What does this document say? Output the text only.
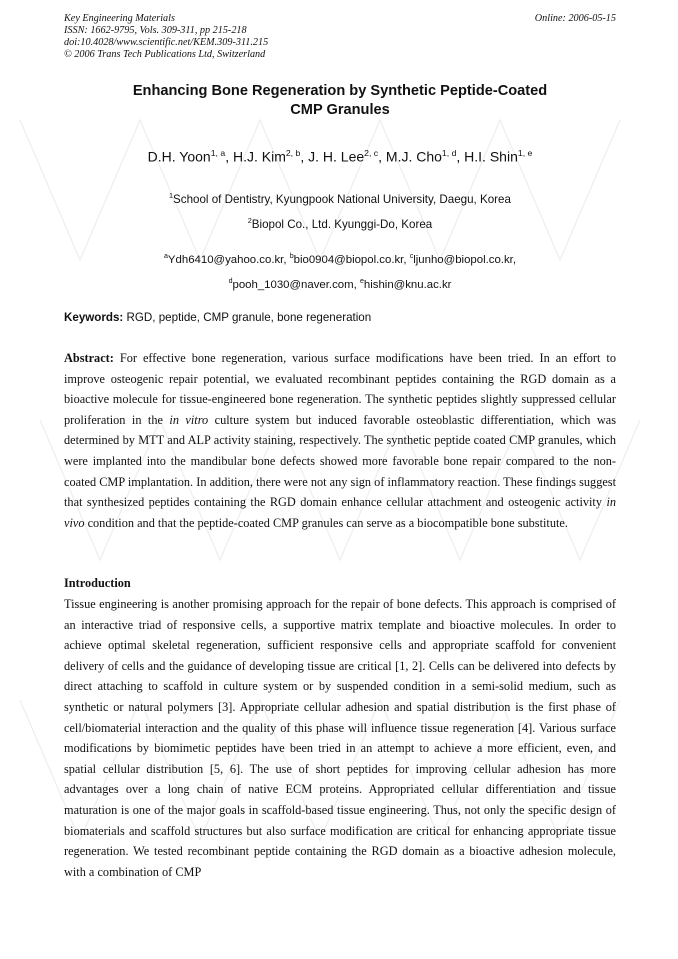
Key Engineering Materials
ISSN: 1662-9795, Vols. 309-311, pp 215-218
doi:10.4028/www.scientific.net/KEM.309-311.215
© 2006 Trans Tech Publications Ltd, Switzerland
Online: 2006-05-15
Enhancing Bone Regeneration by Synthetic Peptide-Coated
CMP Granules
D.H. Yoon$^{1, a}$, H.J. Kim$^{2, b}$, J. H. Lee$^{2, c}$, M.J. Cho$^{1, d}$, H.I. Shin$^{1, e}$
$^1$School of Dentistry, Kyungpook National University, Daegu, Korea
$^2$Biopol Co., Ltd. Kyunggi-Do, Korea
$^a$Ydh6410@yahoo.co.kr, $^b$bio0904@biopol.co.kr, $^c$ljunho@biopol.co.kr,
$^d$pooh_1030@naver.com, $^e$hishin@knu.ac.kr
Keywords: RGD, peptide, CMP granule, bone regeneration
Abstract: For effective bone regeneration, various surface modifications have been tried. In an effort to improve osteogenic repair potential, we evaluated recombinant peptides containing the RGD domain as a bioactive molecule for tissue-engineered bone regeneration. The synthetic peptides slightly suppressed cellular proliferation in the in vitro culture system but induced favorable osteoblastic differentiation, which was determined by MTT and ALP activity staining, respectively. The synthetic peptide coated CMP granules, which were implanted into the mandibular bone defects showed more favorable bone repair compared to the non-coated CMP implantation. In addition, there were not any sign of inflammatory reaction. These findings suggest that synthesized peptides containing the RGD domain enhance cellular attachment and osteogenic activity in vivo condition and that the peptide-coated CMP granules can serve as a biocompatible bone substitute.
Introduction
Tissue engineering is another promising approach for the repair of bone defects. This approach is comprised of an interactive triad of responsive cells, a supportive matrix template and bioactive molecules. In order to achieve optimal skeletal regeneration, sufficient responsive cells and appropriate scaffold for convenient delivery of cells and the guidance of developing tissue are critical [1, 2]. Cells can be delivered into defects by direct attaching to scaffold in culture system or by suspended condition in a semi-solid medium, such as synthetic or natural polymers [3]. Appropriate cellular adhesion and spatial distribution is the first phase of cell/biomaterial interaction and the quality of this phase will influence tissue regeneration [4]. Various surface modifications by biomimetic peptides have been tried in an attempt to achieve a more efficient, even, and spatial cellular distribution [5, 6]. The use of short peptides for improving cellular adhesion has more advantages over a long chain of native ECM proteins. Appropriated cellular differentiation and tissue maturation is one of the major goals in scaffold-based tissue engineering. Thus, not only the specific design of biomaterials and scaffold structures but also surface modification are critical for enhancing appropriate tissue regeneration. We tested recombinant peptide containing the RGD domain as a bioactive adhesion molecule, with a combination of CMP
